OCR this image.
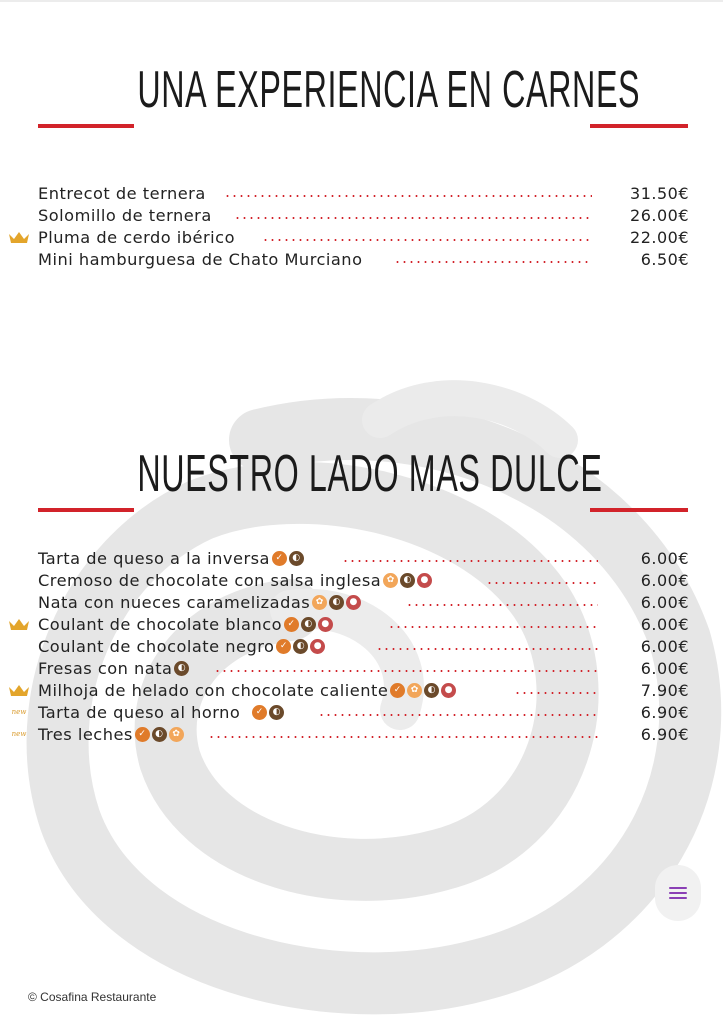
UNA EXPERIENCIA EN CARNES
Entrecot de ternera	31.50€
Solomillo de ternera	26.00€
Pluma de cerdo ibérico	22.00€
Mini hamburguesa de Chato Murciano	6.50€
NUESTRO LADO MAS DULCE
Tarta de queso a la inversa ✓ ◐	6.00€
Cremoso de chocolate con salsa inglesa ✿ ◐ ●	6.00€
Nata con nueces caramelizadas ✿ ◐ ●	6.00€
Coulant de chocolate blanco ✓ ◐ ●	6.00€
Coulant de chocolate negro ✓ ◐ ●	6.00€
Fresas con nata ◐	6.00€
Milhoja de helado con chocolate caliente ✓ ✿ ◐ ●	7.90€
new Tarta de queso al horno	✓ ◐	6.90€
new Tres leches ✓ ◐ ✿	6.90€
© Cosafina Restaurante
